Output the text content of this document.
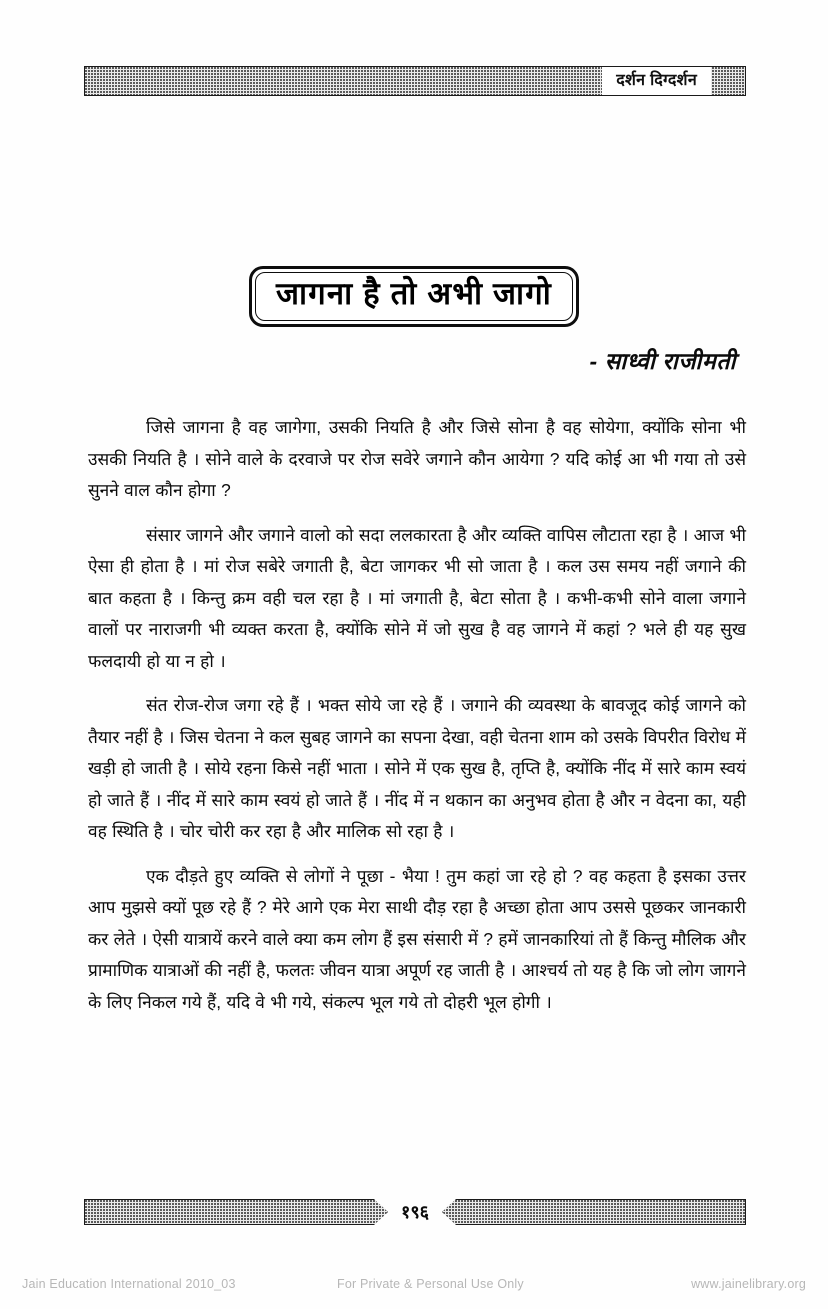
दर्शन दिग्दर्शन
जागना है तो अभी जागो
- साध्वी राजीमती

जिसे जागना है वह जागेगा, उसकी नियति है और जिसे सोना है वह सोयेगा, क्योंकि सोना भी उसकी नियति है । सोने वाले के दरवाजे पर रोज सवेरे जगाने कौन आयेगा ? यदि कोई आ भी गया तो उसे सुनने वाल कौन होगा ?

संसार जागने और जगाने वालो को सदा ललकारता है और व्यक्ति वापिस लौटाता रहा है । आज भी ऐसा ही होता है । मां रोज सबेरे जगाती है, बेटा जागकर भी सो जाता है । कल उस समय नहीं जगाने की बात कहता है । किन्तु क्रम वही चल रहा है । मां जगाती है, बेटा सोता है । कभी-कभी सोने वाला जगाने वालों पर नाराजगी भी व्यक्त करता है, क्योंकि सोने में जो सुख है वह जागने में कहां ? भले ही यह सुख फलदायी हो या न हो ।

संत रोज-रोज जगा रहे हैं । भक्त सोये जा रहे हैं । जगाने की व्यवस्था के बावजूद कोई जागने को तैयार नहीं है । जिस चेतना ने कल सुबह जागने का सपना देखा, वही चेतना शाम को उसके विपरीत विरोध में खड़ी हो जाती है । सोये रहना किसे नहीं भाता । सोने में एक सुख है, तृप्ति है, क्योंकि नींद में सारे काम स्वयं हो जाते हैं । नींद में सारे काम स्वयं हो जाते हैं । नींद में न थकान का अनुभव होता है और न वेदना का, यही वह स्थिति है । चोर चोरी कर रहा है और मालिक सो रहा है ।

एक दौड़ते हुए व्यक्ति से लोगों ने पूछा - भैया ! तुम कहां जा रहे हो ? वह कहता है इसका उत्तर आप मुझसे क्यों पूछ रहे हैं ? मेरे आगे एक मेरा साथी दौड़ रहा है अच्छा होता आप उससे पूछकर जानकारी कर लेते । ऐसी यात्रायें करने वाले क्या कम लोग हैं इस संसारी में ? हमें जानकारियां तो हैं किन्तु मौलिक और प्रामाणिक यात्राओं की नहीं है, फलतः जीवन यात्रा अपूर्ण रह जाती है । आश्चर्य तो यह है कि जो लोग जागने के लिए निकल गये हैं, यदि वे भी गये, संकल्प भूल गये तो दोहरी भूल होगी ।

१९६
Jain Education International 2010_03	For Private & Personal Use Only	www.jainelibrary.org
